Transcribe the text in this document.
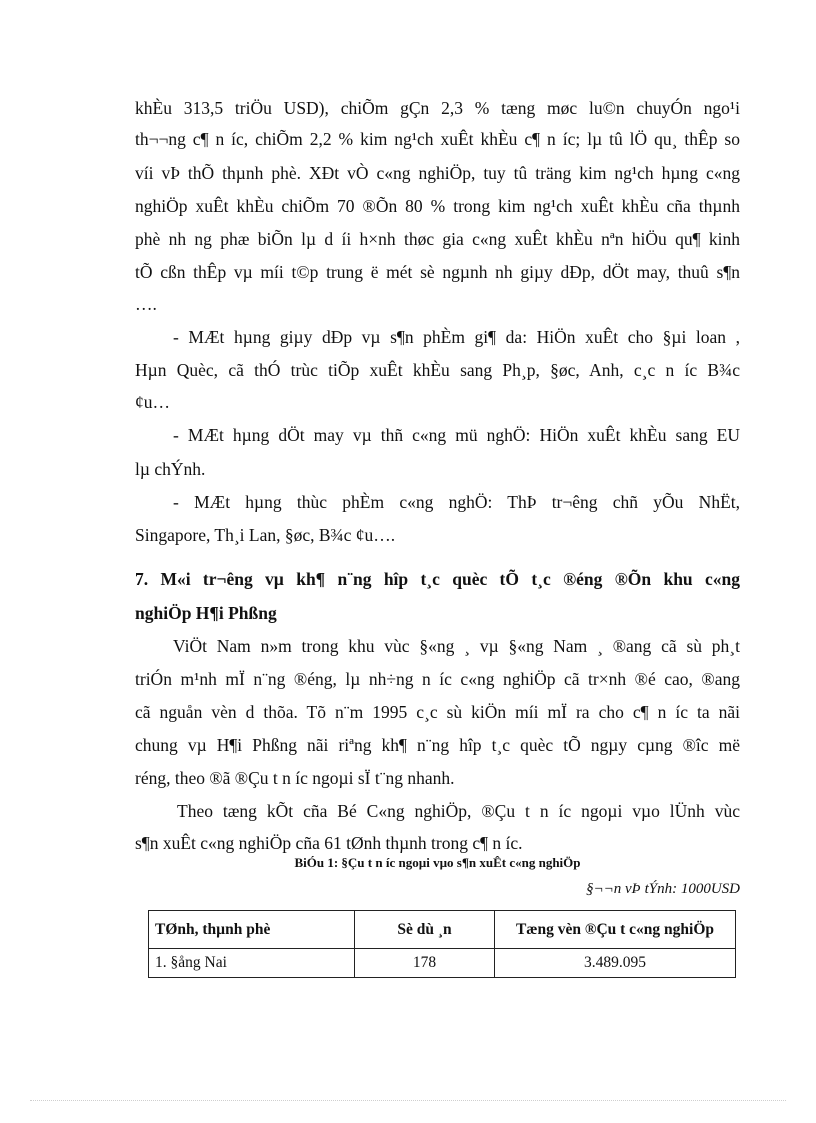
khÈu 313,5 triÖu USD), chiÕm gÇn 2,3 % tæng møc lu©n chuyÓn ngo¹i
th¬¬ng c¶ n íc, chiÕm 2,2 % kim ng¹ch xuÊt khÈu c¶ n íc; lµ tû lÖ qu¸ thÊp so
víi vÞ thÕ thµnh phè. XÐt vÒ c«ng nghiÖp, tuy tû träng kim ng¹ch hµng c«ng
nghiÖp xuÊt khÈu chiÕm 70 ®Õn 80 % trong kim ng¹ch xuÊt khÈu cña thµnh
phè nh ng phæ biÕn lµ d íi h×nh thøc gia c«ng xuÊt khÈu nªn hiÖu qu¶ kinh
tÕ cßn thÊp vµ míi t©p trung ë mét sè ngµnh nh giµy dÐp, dÖt may, thuû s¶n
….
- MÆt hµng giµy dÐp vµ s¶n phÈm gi¶ da: HiÖn xuÊt cho §µi loan ,
Hµn Quèc, cã thÓ trùc tiÕp xuÊt khÈu sang Ph¸p, §øc, Anh, c¸c n íc B¾c
¢u…
- MÆt hµng dÖt may vµ thñ c«ng mü nghÖ: HiÖn xuÊt khÈu sang EU
lµ chÝnh.
- MÆt hµng thùc phÈm c«ng nghÖ: ThÞ tr¬êng chñ yÕu NhËt,
Singapore, Th¸i Lan, §øc, B¾c ¢u….
7. M«i tr¬êng vµ kh¶ n¨ng hîp t¸c quèc tÕ t¸c ®éng ®Õn khu c«ng
nghiÖp H¶i Phßng
ViÖt Nam n»m trong khu vùc §«ng ¸ vµ §«ng Nam ¸ ®ang cã sù ph¸t
triÓn m¹nh mÏ n¨ng ®éng, lµ nh÷ng n íc c«ng nghiÖp cã tr×nh ®é cao, ®ang
cã nguån vèn d thõa. Tõ n¨m 1995 c¸c sù kiÖn míi mÏ ra cho c¶ n íc ta nãi
chung vµ H¶i Phßng nãi riªng kh¶ n¨ng hîp t¸c quèc tÕ ngµy cµng ®îc më
réng, theo ®ã ®Çu t n íc ngoµi sÏ t¨ng nhanh.
Theo tæng kÕt cña Bé C«ng nghiÖp, ®Çu t n íc ngoµi vµo lÜnh vùc
s¶n xuÊt c«ng nghiÖp cña 61 tØnh thµnh trong c¶ n íc.
BiÓu 1: §Çu t n íc ngoµi vµo s¶n xuÊt c«ng nghiÖp
§¬¬n vÞ tÝnh: 1000USD
TØnh, thµnh phè	Sè dù ¸n	Tæng vèn ®Çu t c«ng nghiÖp
1. §ång Nai	178	3.489.095
